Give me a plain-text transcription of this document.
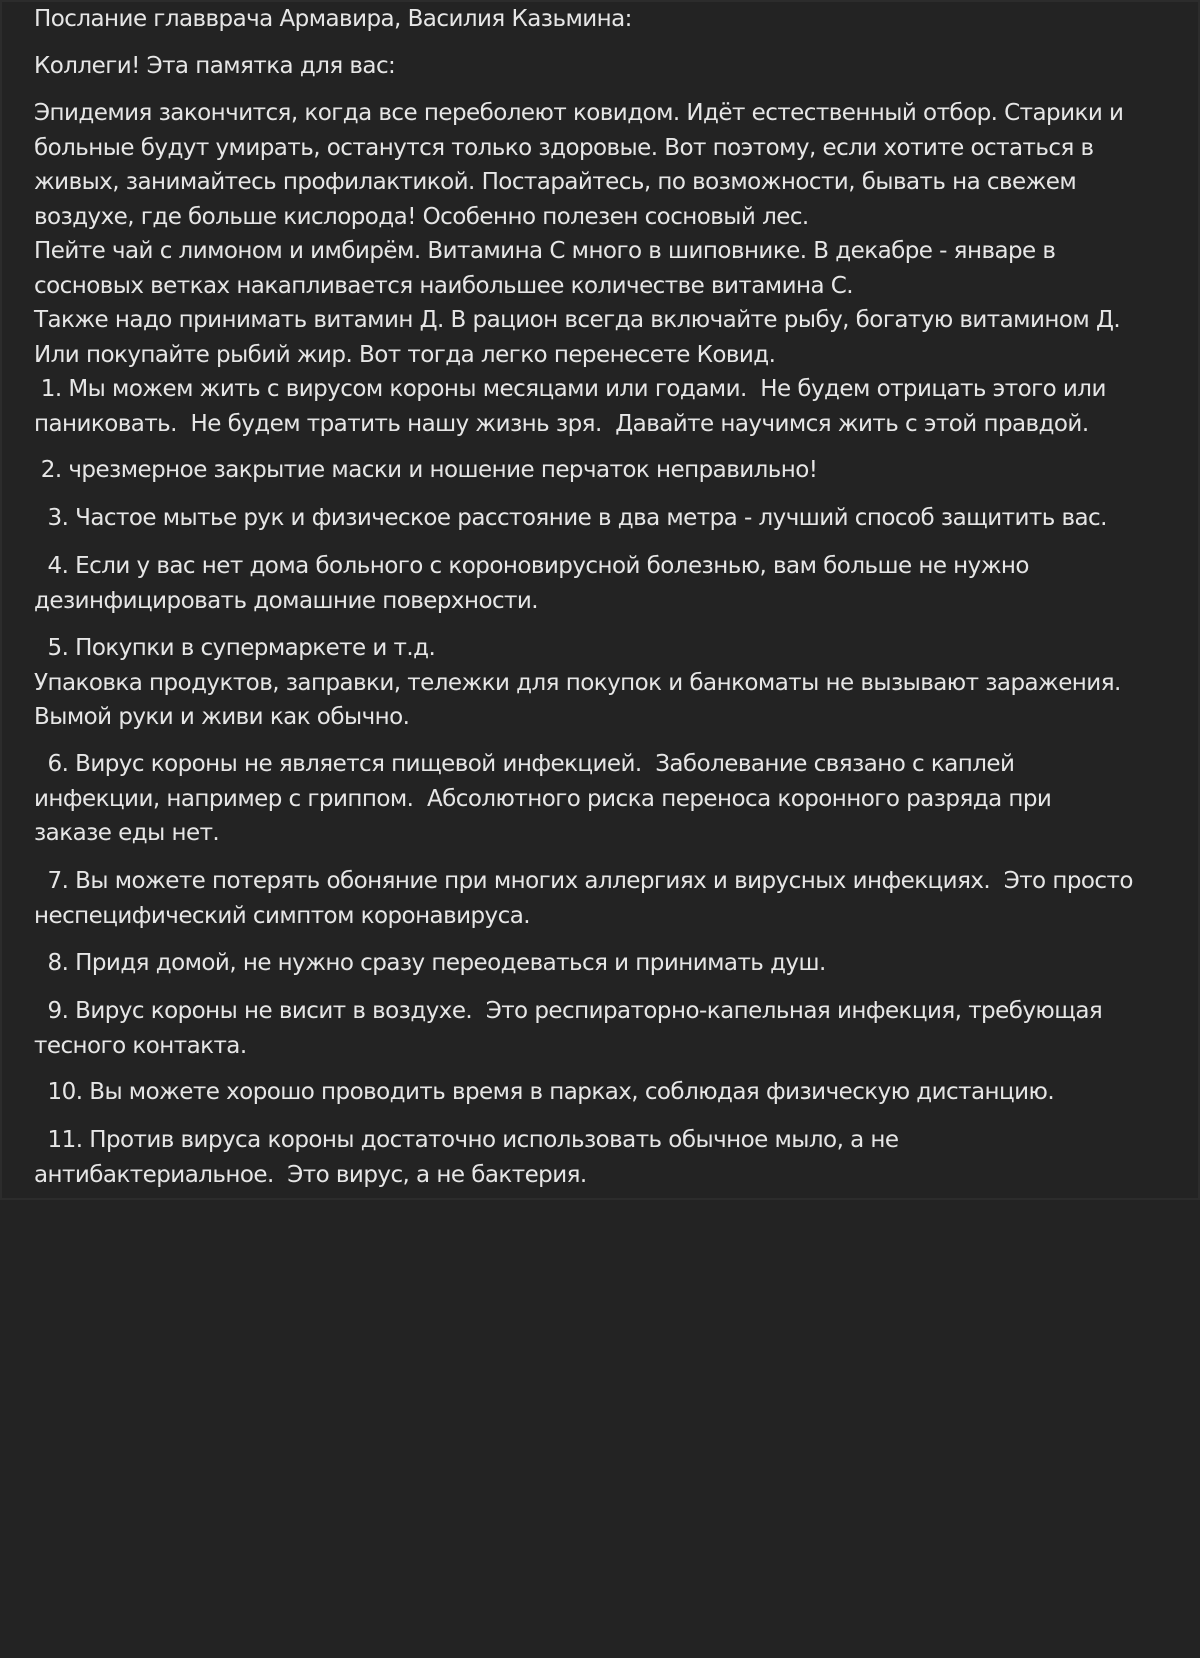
Послание главврача Армавира, Василия Казьмина:

Коллеги! Эта памятка для вас:

Эпидемия закончится, когда все переболеют ковидом. Идёт естественный отбор. Старики и

больные будут умирать, останутся только здоровые. Вот поэтому, если хотите остаться в

живых, занимайтесь профилактикой. Постарайтесь, по возможности, бывать на свежем

воздухе, где больше кислорода! Особенно полезен сосновый лес.

Пейте чай с лимоном и имбирём. Витамина С много в шиповнике. В декабре - январе в

сосновых ветках накапливается наибольшее количестве витамина С.

Также надо принимать витамин Д. В рацион всегда включайте рыбу, богатую витамином Д.

Или покупайте рыбий жир. Вот тогда легко перенесете Ковид.

1. Мы можем жить с вирусом короны месяцами или годами.  Не будем отрицать этого или

паниковать.  Не будем тратить нашу жизнь зря.  Давайте научимся жить с этой правдой.

2. чрезмерное закрытие маски и ношение перчаток неправильно!

3. Частое мытье рук и физическое расстояние в два метра - лучший способ защитить вас.

4. Если у вас нет дома больного с короновирусной болезнью, вам больше не нужно

дезинфицировать домашние поверхности.

5. Покупки в супермаркете и т.д.

Упаковка продуктов, заправки, тележки для покупок и банкоматы не вызывают заражения.

Вымой руки и живи как обычно.

6. Вирус короны не является пищевой инфекцией.  Заболевание связано с каплей

инфекции, например с гриппом.  Абсолютного риска переноса коронного разряда при

заказе еды нет.

7. Вы можете потерять обоняние при многих аллергиях и вирусных инфекциях.  Это просто

неспецифический симптом коронавируса.

8. Придя домой, не нужно сразу переодеваться и принимать душ.

9. Вирус короны не висит в воздухе.  Это респираторно-капельная инфекция, требующая

тесного контакта.

10. Вы можете хорошо проводить время в парках, соблюдая физическую дистанцию.

11. Против вируса короны достаточно использовать обычное мыло, а не

антибактериальное.  Это вирус, а не бактерия.
